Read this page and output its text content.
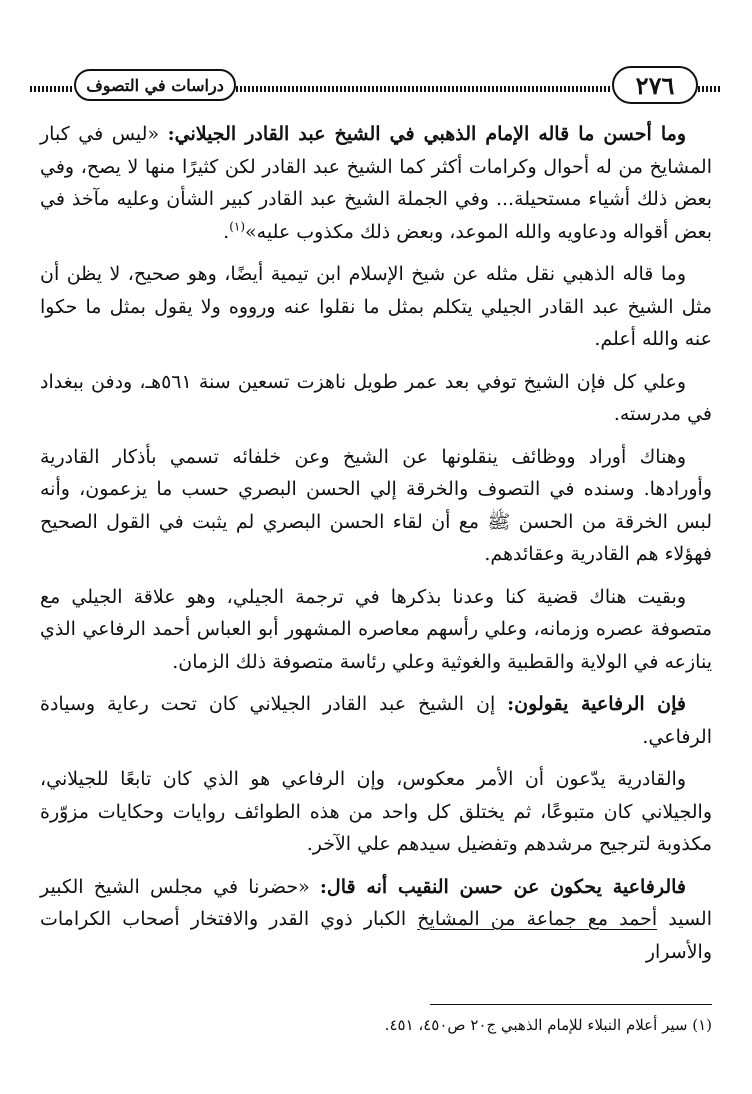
دراسات في التصوف	٢٧٦

وما أحسن ما قاله الإمام الذهبي في الشيخ عبد القادر الجيلاني: «ليس في كبار المشايخ من له أحوال وكرامات أكثر كما الشيخ عبد القادر لكن كثيرًا منها لا يصح، وفي بعض ذلك أشياء مستحيلة... وفي الجملة الشيخ عبد القادر كبير الشأن وعليه مآخذ في بعض أقواله ودعاويه والله الموعد، وبعض ذلك مكذوب عليه»$^{(١)}$.

وما قاله الذهبي نقل مثله عن شيخ الإسلام ابن تيمية أيضًا، وهو صحيح، لا يظن أن مثل الشيخ عبد القادر الجيلي يتكلم بمثل ما نقلوا عنه ورووه ولا يقول بمثل ما حكوا عنه والله أعلم.

وعلي كل فإن الشيخ توفي بعد عمر طويل ناهزت تسعين سنة ٥٦١هـ، ودفن ببغداد في مدرسته.

وهناك أوراد ووظائف ينقلونها عن الشيخ وعن خلفائه تسمي بأذكار القادرية وأورادها. وسنده في التصوف والخرقة إلي الحسن البصري حسب ما يزعمون، وأنه لبس الخرقة من الحسن ﷺ مع أن لقاء الحسن البصري لم يثبت في القول الصحيح فهؤلاء هم القادرية وعقائدهم.

وبقيت هناك قضية كنا وعدنا بذكرها في ترجمة الجيلي، وهو علاقة الجيلي مع متصوفة عصره وزمانه، وعلي رأسهم معاصره المشهور أبو العباس أحمد الرفاعي الذي ينازعه في الولاية والقطبية والغوثية وعلي رئاسة متصوفة ذلك الزمان.

فإن الرفاعية يقولون: إن الشيخ عبد القادر الجيلاني كان تحت رعاية وسيادة الرفاعي.

والقادرية يدّعون أن الأمر معكوس، وإن الرفاعي هو الذي كان تابعًا للجيلاني، والجيلاني كان متبوعًا، ثم يختلق كل واحد من هذه الطوائف روايات وحكايات مزوّرة مكذوبة لترجيح مرشدهم وتفضيل سيدهم علي الآخر.

فالرفاعية يحكون عن حسن النقيب أنه قال: «حضرنا في مجلس الشيخ الكبير السيد أحمد مع جماعة من المشايخ الكبار ذوي القدر والافتخار أصحاب الكرامات والأسرار

(١) سير أعلام النبلاء للإمام الذهبي ج٢٠ ص٤٥٠، ٤٥١.
